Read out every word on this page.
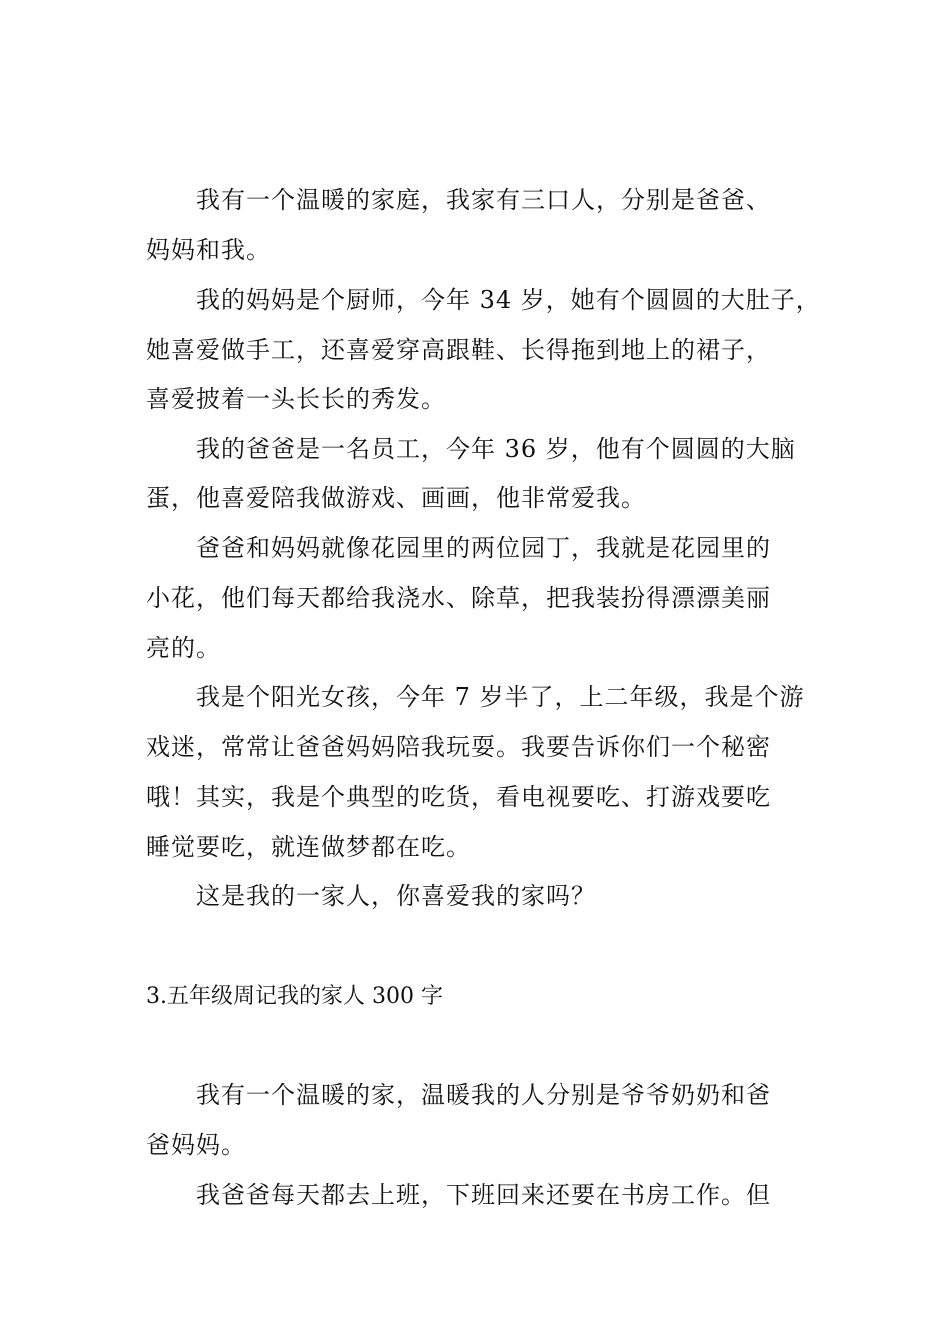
我有一个温暖的家庭，我家有三口人，分别是爸爸、
妈妈和我。
我的妈妈是个厨师，今年 34 岁，她有个圆圆的大肚子，
她喜爱做手工，还喜爱穿高跟鞋、长得拖到地上的裙子，
喜爱披着一头长长的秀发。
我的爸爸是一名员工，今年 36 岁，他有个圆圆的大脑
蛋，他喜爱陪我做游戏、画画，他非常爱我。
爸爸和妈妈就像花园里的两位园丁，我就是花园里的
小花，他们每天都给我浇水、除草，把我装扮得漂漂美丽
亮的。
我是个阳光女孩，今年 7 岁半了，上二年级，我是个游
戏迷，常常让爸爸妈妈陪我玩耍。我要告诉你们一个秘密
哦！其实，我是个典型的吃货，看电视要吃、打游戏要吃
睡觉要吃，就连做梦都在吃。
这是我的一家人，你喜爱我的家吗？
3.五年级周记我的家人 300 字
我有一个温暖的家，温暖我的人分别是爷爷奶奶和爸
爸妈妈。
我爸爸每天都去上班，下班回来还要在书房工作。但
